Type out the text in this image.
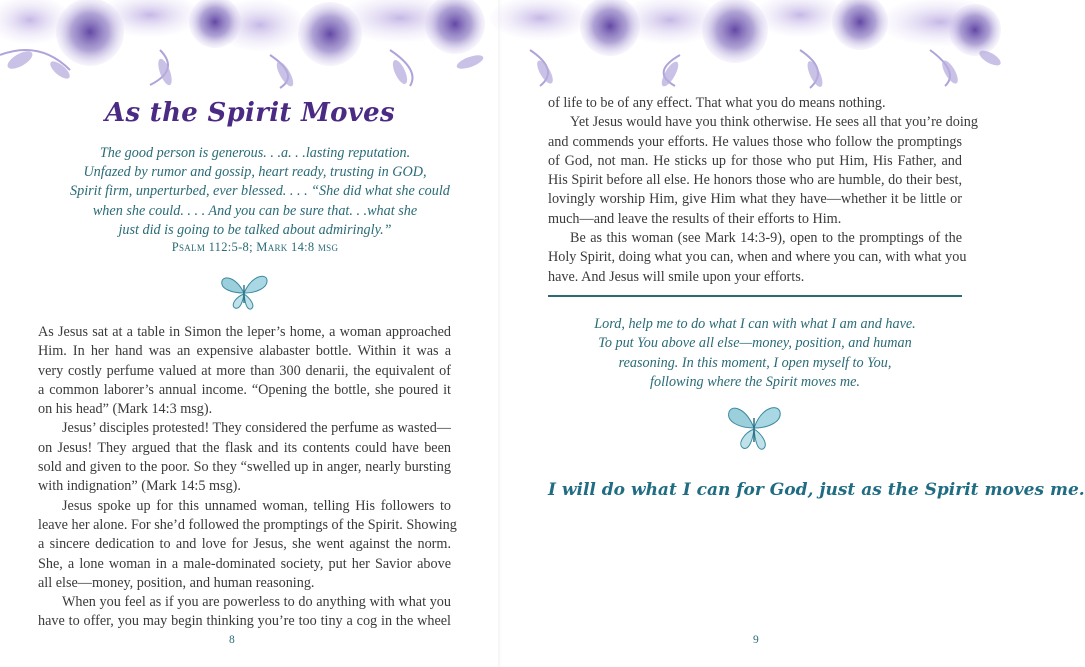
As the Spirit Moves
The good person is generous. . .a. . .lasting reputation.
Unfazed by rumor and gossip, heart ready, trusting in GOD,
Spirit firm, unperturbed, ever blessed. . . . “She did what she could
when she could. . . . And you can be sure that. . .what she
just did is going to be talked about admiringly.”
Psalm 112:5-8; Mark 14:8 msg
As Jesus sat at a table in Simon the leper’s home, a woman approached
Him. In her hand was an expensive alabaster bottle. Within it was a
very costly perfume valued at more than 300 denarii, the equivalent of
a common laborer’s annual income. “Opening the bottle, she poured it
on his head” (Mark 14:3 msg).
Jesus’ disciples protested! They considered the perfume as wasted—
on Jesus! They argued that the flask and its contents could have been
sold and given to the poor. So they “swelled up in anger, nearly bursting
with indignation” (Mark 14:5 msg).
Jesus spoke up for this unnamed woman, telling His followers to
leave her alone. For she’d followed the promptings of the Spirit. Showing
a sincere dedication to and love for Jesus, she went against the norm.
She, a lone woman in a male-dominated society, put her Savior above
all else—money, position, and human reasoning.
When you feel as if you are powerless to do anything with what you
have to offer, you may begin thinking you’re too tiny a cog in the wheel
8
of life to be of any effect. That what you do means nothing.
Yet Jesus would have you think otherwise. He sees all that you’re doing
and commends your efforts. He values those who follow the promptings
of God, not man. He sticks up for those who put Him, His Father, and
His Spirit before all else. He honors those who are humble, do their best,
lovingly worship Him, give Him what they have—whether it be little or
much—and leave the results of their efforts to Him.
Be as this woman (see Mark 14:3-9), open to the promptings of the
Holy Spirit, doing what you can, when and where you can, with what you
have. And Jesus will smile upon your efforts.
Lord, help me to do what I can with what I am and have.
To put You above all else—money, position, and human
reasoning. In this moment, I open myself to You,
following where the Spirit moves me.
I will do what I can for God, just as the Spirit moves me.
9
